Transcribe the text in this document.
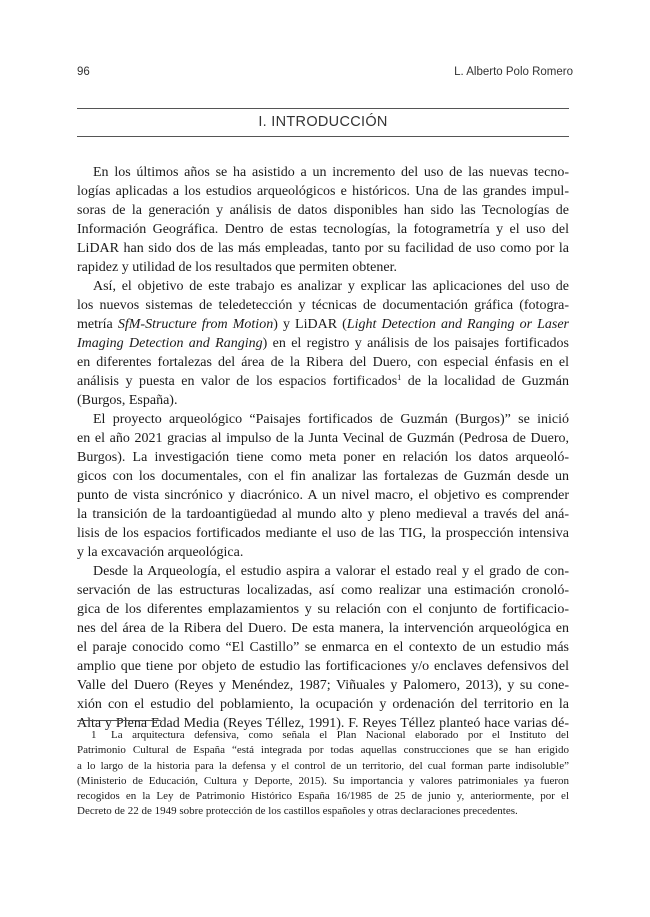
96	L. Alberto Polo Romero
I. INTRODUCCIÓN
En los últimos años se ha asistido a un incremento del uso de las nuevas tecno-
logías aplicadas a los estudios arqueológicos e históricos. Una de las grandes impul-
soras de la generación y análisis de datos disponibles han sido las Tecnologías de
Información Geográfica. Dentro de estas tecnologías, la fotogrametría y el uso del
LiDAR han sido dos de las más empleadas, tanto por su facilidad de uso como por la
rapidez y utilidad de los resultados que permiten obtener.
Así, el objetivo de este trabajo es analizar y explicar las aplicaciones del uso de
los nuevos sistemas de teledetección y técnicas de documentación gráfica (fotogra-
metría SfM-Structure from Motion) y LiDAR (Light Detection and Ranging or Laser
Imaging Detection and Ranging) en el registro y análisis de los paisajes fortificados
en diferentes fortalezas del área de la Ribera del Duero, con especial énfasis en el
análisis y puesta en valor de los espacios fortificados$^1$ de la localidad de Guzmán
(Burgos, España).
El proyecto arqueológico “Paisajes fortificados de Guzmán (Burgos)” se inició
en el año 2021 gracias al impulso de la Junta Vecinal de Guzmán (Pedrosa de Duero,
Burgos). La investigación tiene como meta poner en relación los datos arqueoló-
gicos con los documentales, con el fin analizar las fortalezas de Guzmán desde un
punto de vista sincrónico y diacrónico. A un nivel macro, el objetivo es comprender
la transición de la tardoantigüedad al mundo alto y pleno medieval a través del aná-
lisis de los espacios fortificados mediante el uso de las TIG, la prospección intensiva
y la excavación arqueológica.
Desde la Arqueología, el estudio aspira a valorar el estado real y el grado de con-
servación de las estructuras localizadas, así como realizar una estimación cronoló-
gica de los diferentes emplazamientos y su relación con el conjunto de fortificacio-
nes del área de la Ribera del Duero. De esta manera, la intervención arqueológica en
el paraje conocido como “El Castillo” se enmarca en el contexto de un estudio más
amplio que tiene por objeto de estudio las fortificaciones y/o enclaves defensivos del
Valle del Duero (Reyes y Menéndez, 1987; Viñuales y Palomero, 2013), y su cone-
xión con el estudio del poblamiento, la ocupación y ordenación del territorio en la
Alta y Plena Edad Media (Reyes Téllez, 1991). F. Reyes Téllez planteó hace varias dé-
1 La arquitectura defensiva, como señala el Plan Nacional elaborado por el Instituto del
Patrimonio Cultural de España “está integrada por todas aquellas construcciones que se han erigido
a lo largo de la historia para la defensa y el control de un territorio, del cual forman parte indisoluble”
(Ministerio de Educación, Cultura y Deporte, 2015). Su importancia y valores patrimoniales ya fueron
recogidos en la Ley de Patrimonio Histórico España 16/1985 de 25 de junio y, anteriormente, por el
Decreto de 22 de 1949 sobre protección de los castillos españoles y otras declaraciones precedentes.
